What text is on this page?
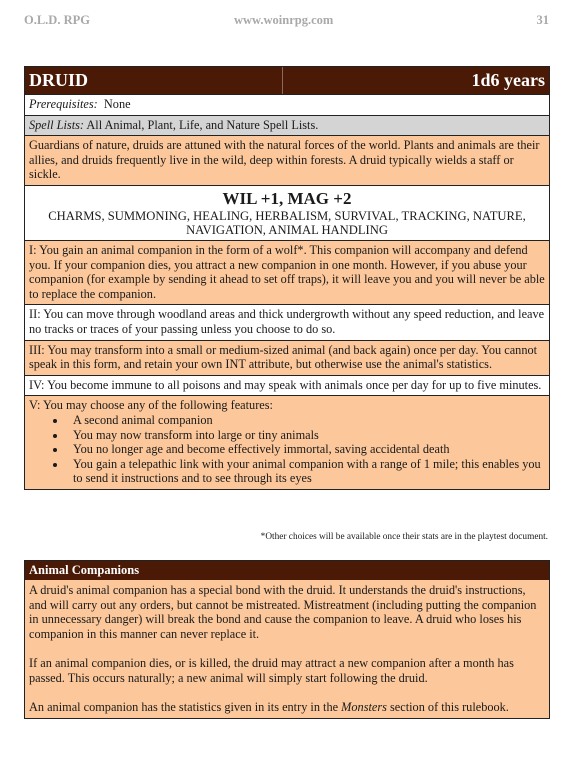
O.L.D. RPG	www.woinrpg.com	31
DRUID	1d6 years
Prerequisites: None
Spell Lists: All Animal, Plant, Life, and Nature Spell Lists.
Guardians of nature, druids are attuned with the natural forces of the world. Plants and animals are their allies, and druids frequently live in the wild, deep within forests. A druid typically wields a staff or sickle.
WIL +1, MAG +2
CHARMS, SUMMONING, HEALING, HERBALISM, SURVIVAL, TRACKING, NATURE, NAVIGATION, ANIMAL HANDLING
I: You gain an animal companion in the form of a wolf*. This companion will accompany and defend you. If your companion dies, you attract a new companion in one month. However, if you abuse your companion (for example by sending it ahead to set off traps), it will leave you and you will never be able to replace the companion.
II: You can move through woodland areas and thick undergrowth without any speed reduction, and leave no tracks or traces of your passing unless you choose to do so.
III: You may transform into a small or medium-sized animal (and back again) once per day. You cannot speak in this form, and retain your own INT attribute, but otherwise use the animal's statistics.
IV: You become immune to all poisons and may speak with animals once per day for up to five minutes.
V: You may choose any of the following features:
• A second animal companion
• You may now transform into large or tiny animals
• You no longer age and become effectively immortal, saving accidental death
• You gain a telepathic link with your animal companion with a range of 1 mile; this enables you to send it instructions and to see through its eyes
*Other choices will be available once their stats are in the playtest document.
Animal Companions

A druid's animal companion has a special bond with the druid. It understands the druid's instructions, and will carry out any orders, but cannot be mistreated. Mistreatment (including putting the companion in unnecessary danger) will break the bond and cause the companion to leave. A druid who loses his companion in this manner can never replace it.

If an animal companion dies, or is killed, the druid may attract a new companion after a month has passed. This occurs naturally; a new animal will simply start following the druid.

An animal companion has the statistics given in its entry in the Monsters section of this rulebook.
